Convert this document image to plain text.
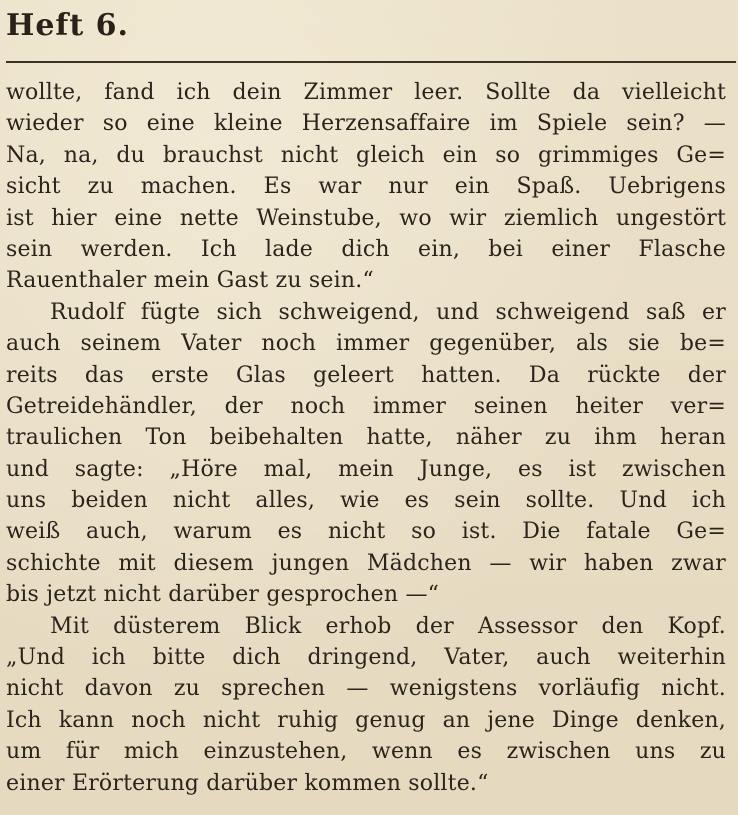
Heft 6.
wollte, fand ich dein Zimmer leer. Sollte da vielleicht
wieder so eine kleine Herzensaffaire im Spiele sein? —
Na, na, du brauchst nicht gleich ein so grimmiges Ge=
sicht zu machen. Es war nur ein Spaß. Uebrigens
ist hier eine nette Weinstube, wo wir ziemlich ungestört
sein werden. Ich lade dich ein, bei einer Flasche
Rauenthaler mein Gast zu sein.“
Rudolf fügte sich schweigend, und schweigend saß er
auch seinem Vater noch immer gegenüber, als sie be=
reits das erste Glas geleert hatten. Da rückte der
Getreidehändler, der noch immer seinen heiter ver=
traulichen Ton beibehalten hatte, näher zu ihm heran
und sagte: „Höre mal, mein Junge, es ist zwischen
uns beiden nicht alles, wie es sein sollte. Und ich
weiß auch, warum es nicht so ist. Die fatale Ge=
schichte mit diesem jungen Mädchen — wir haben zwar
bis jetzt nicht darüber gesprochen —“
Mit düsterem Blick erhob der Assessor den Kopf.
„Und ich bitte dich dringend, Vater, auch weiterhin
nicht davon zu sprechen — wenigstens vorläufig nicht.
Ich kann noch nicht ruhig genug an jene Dinge denken,
um für mich einzustehen, wenn es zwischen uns zu
einer Erörterung darüber kommen sollte.“
